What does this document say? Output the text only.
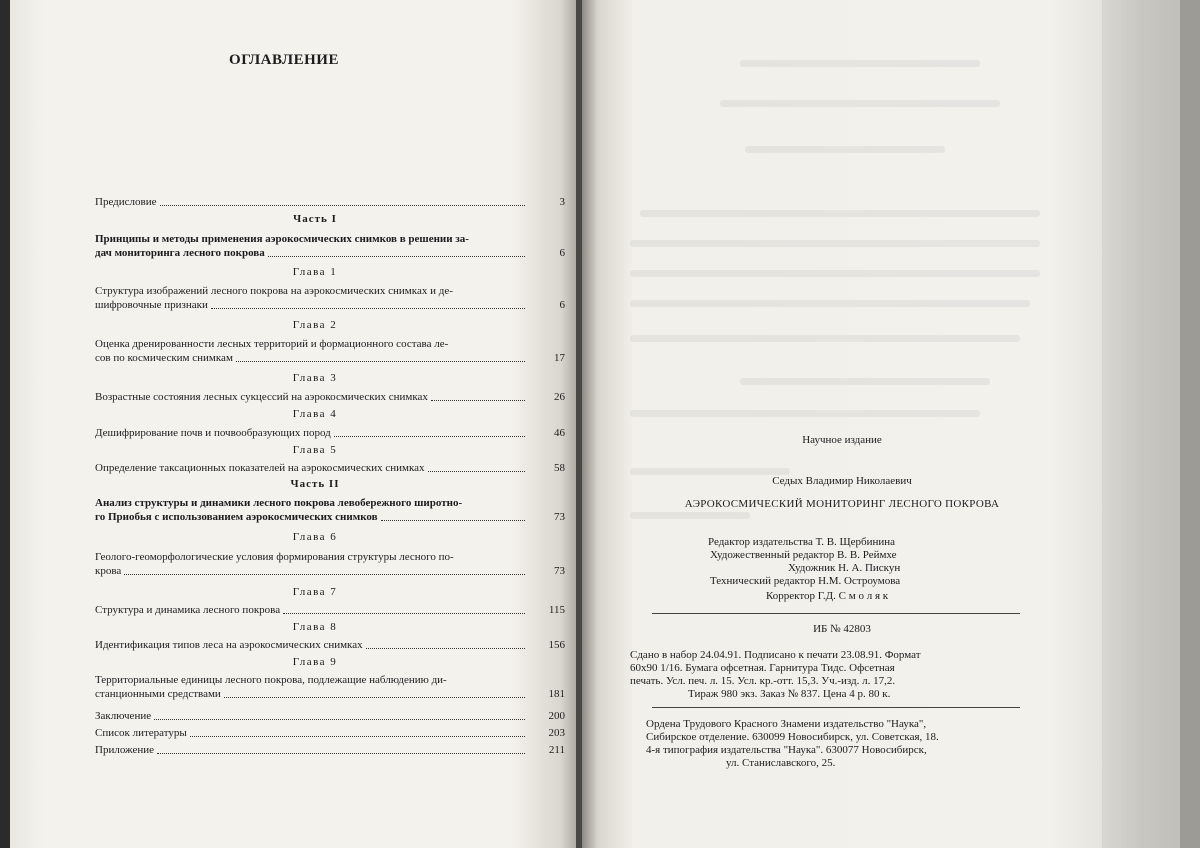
ОГЛАВЛЕНИЕ
Предисловие	3
Часть I
Принципы и методы применения аэрокосмических снимков в решении за-
дач мониторинга лесного покрова	6
Глава 1
Структура изображений лесного покрова на аэрокосмических снимках и де-
шифровочные признаки	6
Глава 2
Оценка дренированности лесных территорий и формационного состава ле-
сов по космическим снимкам	17
Глава 3
Возрастные состояния лесных сукцессий на аэрокосмических снимках	26
Глава 4
Дешифрирование почв и почвообразующих пород	46
Глава 5
Определение таксационных показателей на аэрокосмических снимках	58
Часть II
Анализ структуры и динамики лесного покрова левобережного широтно-
го Приобья с использованием аэрокосмических снимков	73
Глава 6
Геолого-геоморфологические условия формирования структуры лесного по-
крова	73
Глава 7
Структура и динамика лесного покрова	115
Глава 8
Идентификация типов леса на аэрокосмических снимках	156
Глава 9
Территориальные единицы лесного покрова, подлежащие наблюдению ди-
станционными средствами	181
Заключение	200
Список литературы	203
Приложение	211
Научное издание
Седых Владимир Николаевич
АЭРОКОСМИЧЕСКИЙ МОНИТОРИНГ ЛЕСНОГО ПОКРОВА
Редактор издательства Т. В. Щербинина
Художественный редактор В. В. Реймхе
Художник Н. А. Пискун
Технический редактор Н.М. Остроумова
Корректор Г.Д. С м о л я к
ИБ № 42803
Сдано в набор 24.04.91. Подписано к печати 23.08.91. Формат
60х90 1/16. Бумага офсетная. Гарнитура Тидс. Офсетная
печать. Усл. печ. л. 15. Усл. кр.-отт. 15,3. Уч.-изд. л. 17,2.
Тираж 980 экз. Заказ № 837. Цена 4 р. 80 к.
Ордена Трудового Красного Знамени издательство "Наука",
Сибирское отделение. 630099 Новосибирск, ул. Советская, 18.
4-я типография издательства "Наука". 630077 Новосибирск,
ул. Станиславского, 25.
